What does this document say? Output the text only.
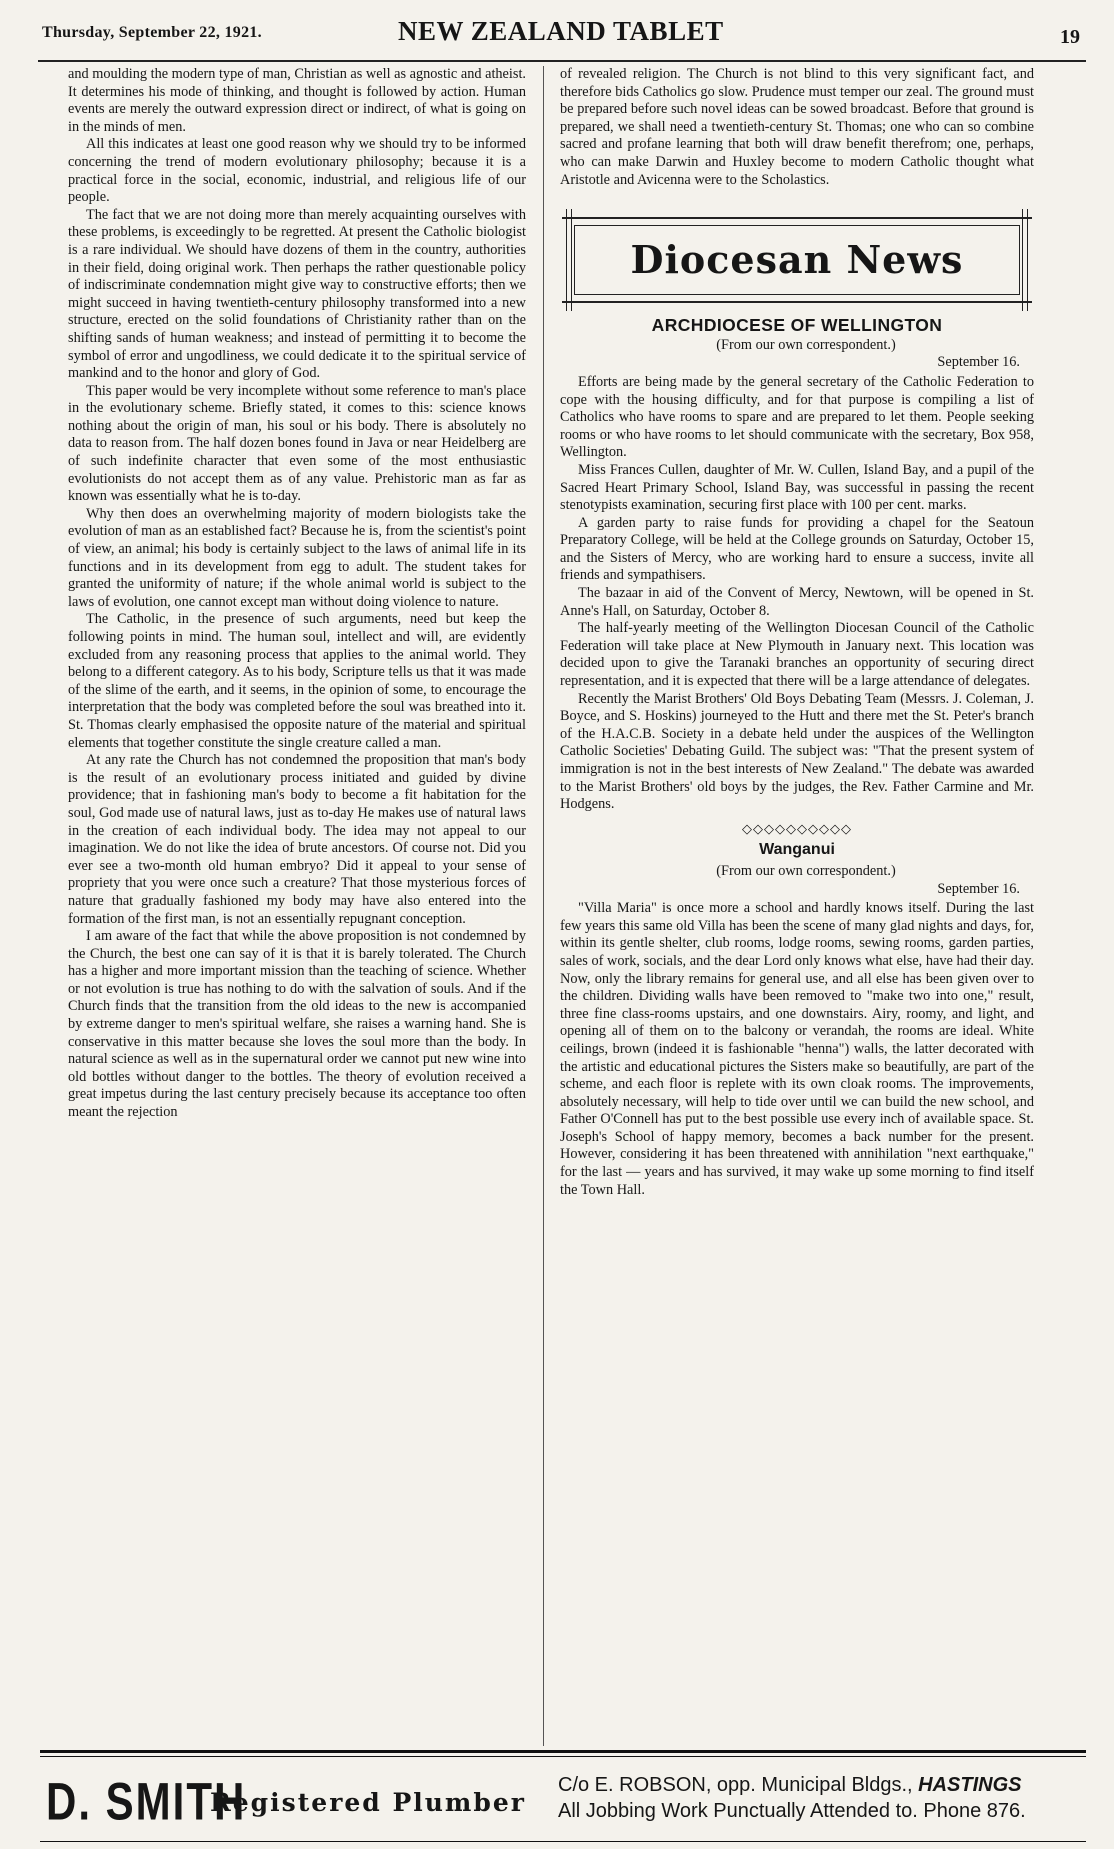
Thursday, September 22, 1921.	NEW ZEALAND TABLET	19

and moulding the modern type of man, Christian as well as agnostic and atheist. It determines his mode of thinking, and thought is followed by action. Human events are merely the outward expression direct or indirect, of what is going on in the minds of men.

All this indicates at least one good reason why we should try to be informed concerning the trend of modern evolutionary philosophy; because it is a practical force in the social, economic, industrial, and religious life of our people.

The fact that we are not doing more than merely acquainting ourselves with these problems, is exceedingly to be regretted. At present the Catholic biologist is a rare individual. We should have dozens of them in the country, authorities in their field, doing original work. Then perhaps the rather questionable policy of indiscriminate condemnation might give way to constructive efforts; then we might succeed in having twentieth-century philosophy transformed into a new structure, erected on the solid foundations of Christianity rather than on the shifting sands of human weakness; and instead of permitting it to become the symbol of error and ungodliness, we could dedicate it to the spiritual service of mankind and to the honor and glory of God.

This paper would be very incomplete without some reference to man's place in the evolutionary scheme. Briefly stated, it comes to this: science knows nothing about the origin of man, his soul or his body. There is absolutely no data to reason from. The half dozen bones found in Java or near Heidelberg are of such indefinite character that even some of the most enthusiastic evolutionists do not accept them as of any value. Prehistoric man as far as known was essentially what he is to-day.

Why then does an overwhelming majority of modern biologists take the evolution of man as an established fact? Because he is, from the scientist's point of view, an animal; his body is certainly subject to the laws of animal life in its functions and in its development from egg to adult. The student takes for granted the uniformity of nature; if the whole animal world is subject to the laws of evolution, one cannot except man without doing violence to nature.

The Catholic, in the presence of such arguments, need but keep the following points in mind. The human soul, intellect and will, are evidently excluded from any reasoning process that applies to the animal world. They belong to a different category. As to his body, Scripture tells us that it was made of the slime of the earth, and it seems, in the opinion of some, to encourage the interpretation that the body was completed before the soul was breathed into it. St. Thomas clearly emphasised the opposite nature of the material and spiritual elements that together constitute the single creature called a man.

At any rate the Church has not condemned the proposition that man's body is the result of an evolutionary process initiated and guided by divine providence; that in fashioning man's body to become a fit habitation for the soul, God made use of natural laws, just as to-day He makes use of natural laws in the creation of each individual body. The idea may not appeal to our imagination. We do not like the idea of brute ancestors. Of course not. Did you ever see a two-month old human embryo? Did it appeal to your sense of propriety that you were once such a creature? That those mysterious forces of nature that gradually fashioned my body may have also entered into the formation of the first man, is not an essentially repugnant conception.

I am aware of the fact that while the above proposition is not condemned by the Church, the best one can say of it is that it is barely tolerated. The Church has a higher and more important mission than the teaching of science. Whether or not evolution is true has nothing to do with the salvation of souls. And if the Church finds that the transition from the old ideas to the new is accompanied by extreme danger to men's spiritual welfare, she raises a warning hand. She is conservative in this matter because she loves the soul more than the body. In natural science as well as in the supernatural order we cannot put new wine into old bottles without danger to the bottles. The theory of evolution received a great impetus during the last century precisely because its acceptance too often meant the rejection

of revealed religion. The Church is not blind to this very significant fact, and therefore bids Catholics go slow. Prudence must temper our zeal. The ground must be prepared before such novel ideas can be sowed broadcast. Before that ground is prepared, we shall need a twentieth-century St. Thomas; one who can so combine sacred and profane learning that both will draw benefit therefrom; one, perhaps, who can make Darwin and Huxley become to modern Catholic thought what Aristotle and Avicenna were to the Scholastics.

Diocesan News
ARCHDIOCESE OF WELLINGTON

(From our own correspondent.)

September 16.

Efforts are being made by the general secretary of the Catholic Federation to cope with the housing difficulty, and for that purpose is compiling a list of Catholics who have rooms to spare and are prepared to let them. People seeking rooms or who have rooms to let should communicate with the secretary, Box 958, Wellington.

Miss Frances Cullen, daughter of Mr. W. Cullen, Island Bay, and a pupil of the Sacred Heart Primary School, Island Bay, was successful in passing the recent stenotypists examination, securing first place with 100 per cent. marks.

A garden party to raise funds for providing a chapel for the Seatoun Preparatory College, will be held at the College grounds on Saturday, October 15, and the Sisters of Mercy, who are working hard to ensure a success, invite all friends and sympathisers.

The bazaar in aid of the Convent of Mercy, Newtown, will be opened in St. Anne's Hall, on Saturday, October 8.

The half-yearly meeting of the Wellington Diocesan Council of the Catholic Federation will take place at New Plymouth in January next. This location was decided upon to give the Taranaki branches an opportunity of securing direct representation, and it is expected that there will be a large attendance of delegates.

Recently the Marist Brothers' Old Boys Debating Team (Messrs. J. Coleman, J. Boyce, and S. Hoskins) journeyed to the Hutt and there met the St. Peter's branch of the H.A.C.B. Society in a debate held under the auspices of the Wellington Catholic Societies' Debating Guild. The subject was: "That the present system of immigration is not in the best interests of New Zealand." The debate was awarded to the Marist Brothers' old boys by the judges, the Rev. Father Carmine and Mr. Hodgens.

◇◇◇◇◇◇◇◇◇◇
Wanganui

(From our own correspondent.)

September 16.

"Villa Maria" is once more a school and hardly knows itself. During the last few years this same old Villa has been the scene of many glad nights and days, for, within its gentle shelter, club rooms, lodge rooms, sewing rooms, garden parties, sales of work, socials, and the dear Lord only knows what else, have had their day. Now, only the library remains for general use, and all else has been given over to the children. Dividing walls have been removed to "make two into one," result, three fine class-rooms upstairs, and one downstairs. Airy, roomy, and light, and opening all of them on to the balcony or verandah, the rooms are ideal. White ceilings, brown (indeed it is fashionable "henna") walls, the latter decorated with the artistic and educational pictures the Sisters make so beautifully, are part of the scheme, and each floor is replete with its own cloak rooms. The improvements, absolutely necessary, will help to tide over until we can build the new school, and Father O'Connell has put to the best possible use every inch of available space. St. Joseph's School of happy memory, becomes a back number for the present. However, considering it has been threatened with annihilation "next earthquake," for the last — years and has survived, it may wake up some morning to find itself the Town Hall.

D. SMITH
Registered Plumber
C/o E. ROBSON, opp. Municipal Bldgs., HASTINGS
All Jobbing Work Punctually Attended to. Phone 876.
